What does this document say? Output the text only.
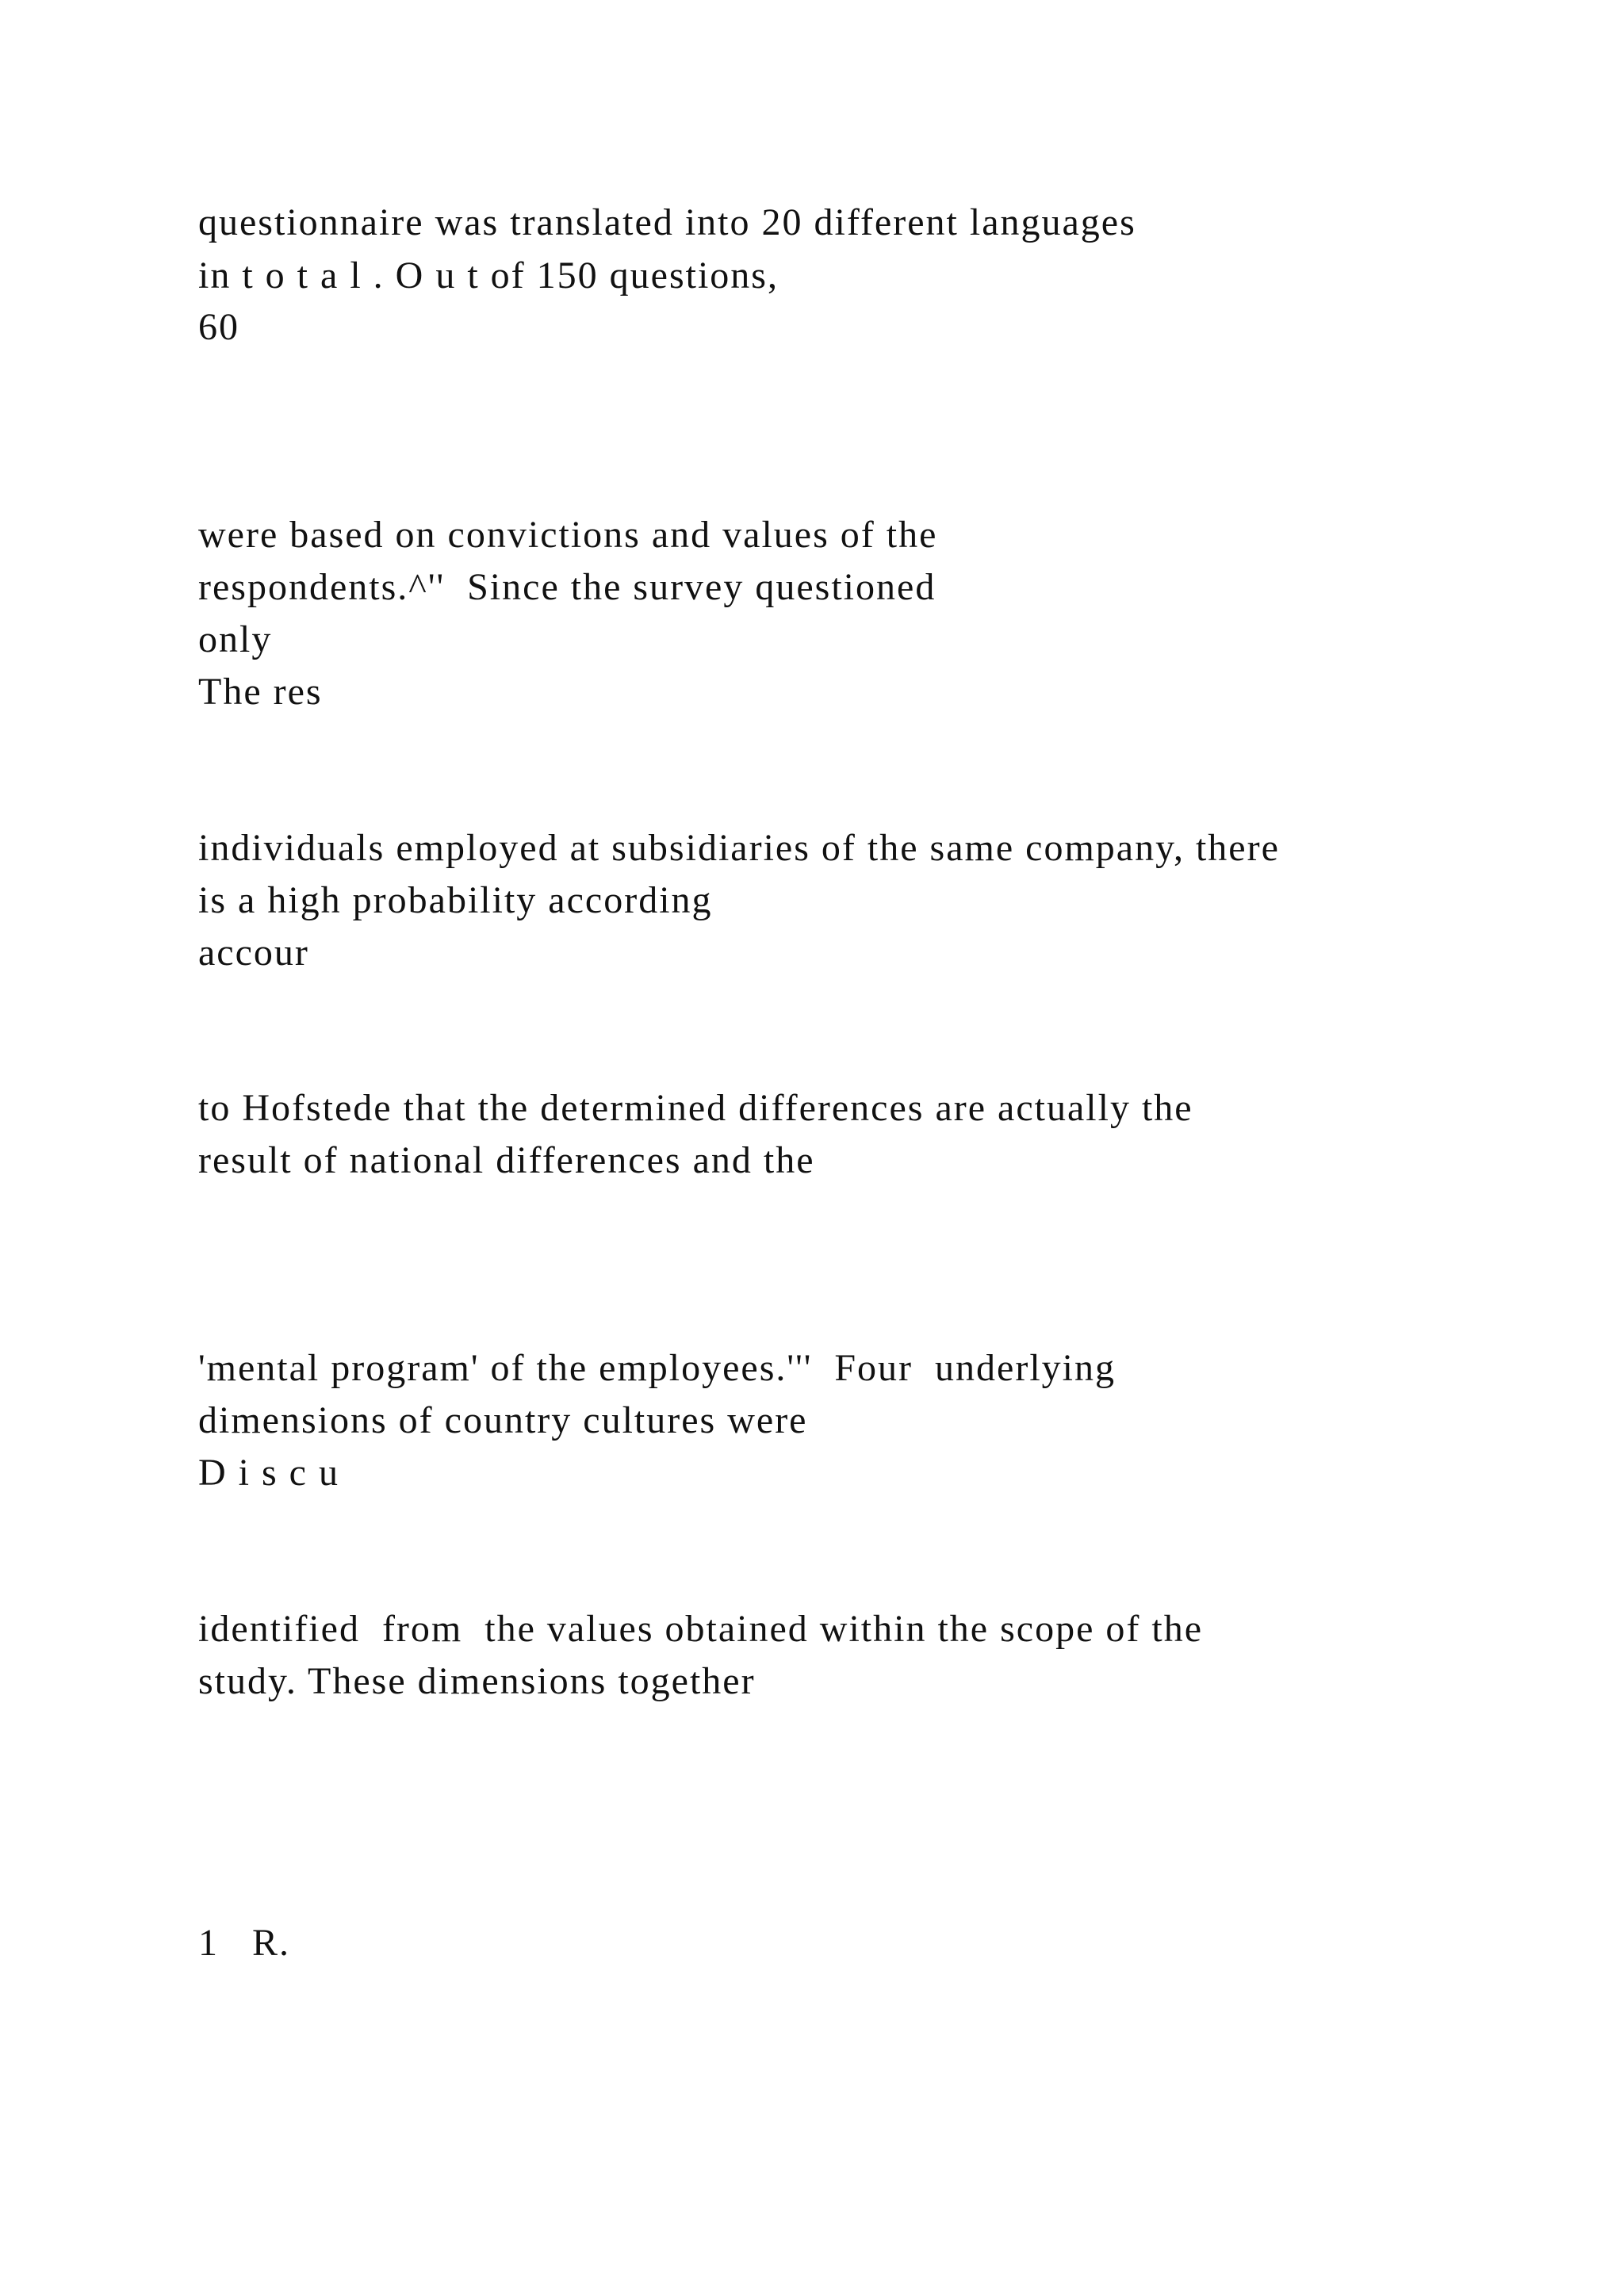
questionnaire was translated into 20 different languages
in t o t a l . O u t of 150 questions,
60
were based on convictions and values of the
respondents.^''  Since the survey questioned
only
The res
individuals employed at subsidiaries of the same company, there
is a high probability according
accour
to Hofstede that the determined differences are actually the
result of national differences and the
'mental program' of the employees.'''  Four  underlying
dimensions of country cultures were
D i s c u
identified  from  the values obtained within the scope of the
study. These dimensions together
1   R.
